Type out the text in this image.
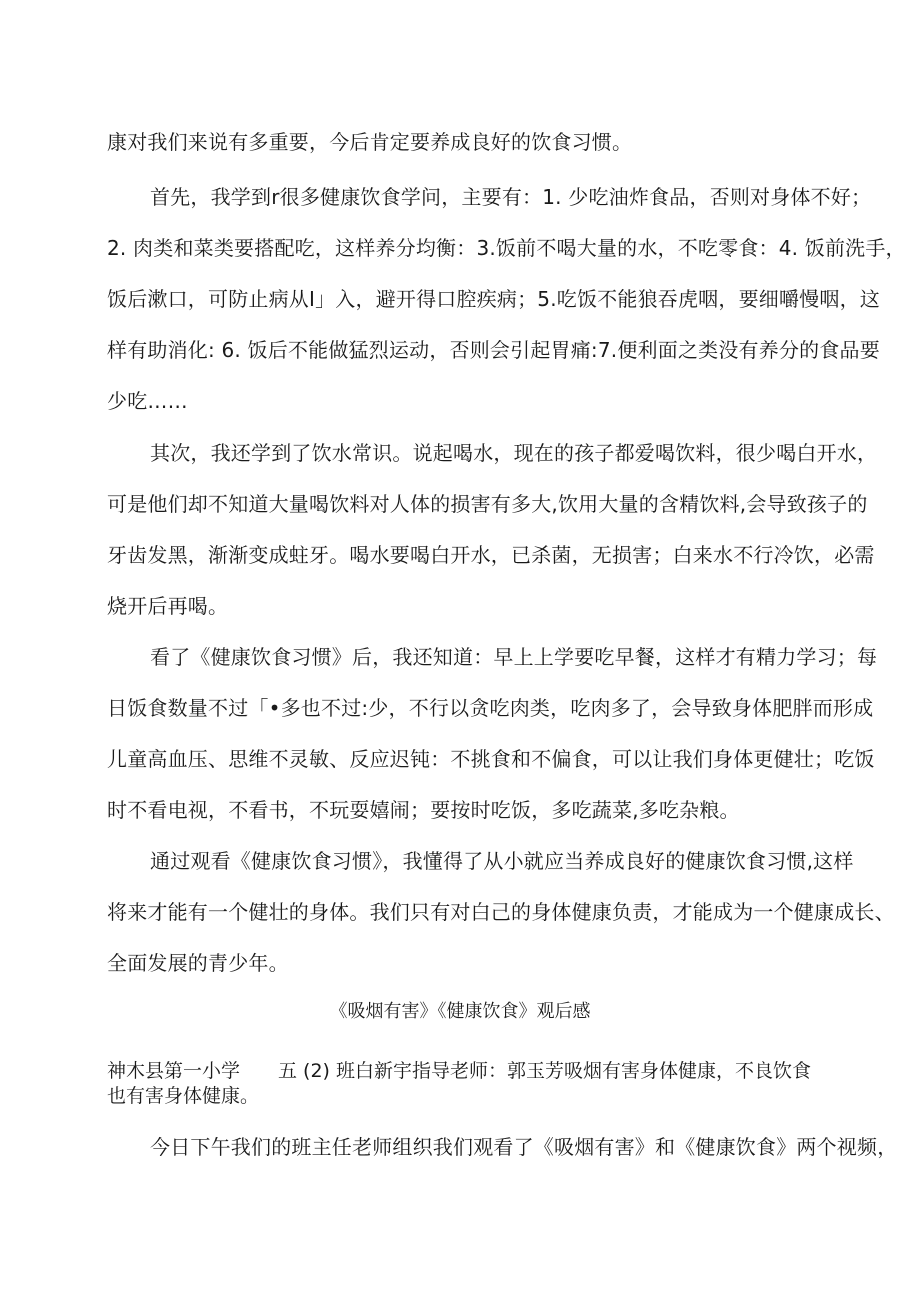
康对我们来说有多重要，今后肯定要养成良好的饮食习惯。
首先，我学到r很多健康饮食学问，主要有：1. 少吃油炸食品，否则对身体不好；
2. 肉类和菜类要搭配吃，这样养分均衡：3.饭前不喝大量的水，不吃零食：4. 饭前洗手，
饭后漱口，可防止病从I」入，避开得口腔疾病；5.吃饭不能狼吞虎咽，要细嚼慢咽，这
样有助消化: 6. 饭后不能做猛烈运动，否则会引起胃痛:7.便利面之类没有养分的食品要
少吃……
其次，我还学到了饮水常识。说起喝水，现在的孩子都爱喝饮料，很少喝白开水，
可是他们却不知道大量喝饮料对人体的损害有多大,饮用大量的含精饮料,会导致孩子的
牙齿发黑，渐渐变成蛀牙。喝水要喝白开水，已杀菌，无损害；白来水不行冷饮，必需
烧开后再喝。
看了《健康饮食习惯》后，我还知道：早上上学要吃早餐，这样才有精力学习；每
日饭食数量不过「•多也不过:少，不行以贪吃肉类，吃肉多了，会导致身体肥胖而形成
儿童高血压、思维不灵敏、反应迟钝：不挑食和不偏食，可以让我们身体更健壮；吃饭
时不看电视，不看书，不玩耍嬉闹；要按时吃饭，多吃蔬菜,多吃杂粮。
通过观看《健康饮食习惯》，我懂得了从小就应当养成良好的健康饮食习惯,这样
将来才能有一个健壮的身体。我们只有对白己的身体健康负责，才能成为一个健康成长、
全面发展的青少年。
《吸烟有害》《健康饮食》观后感
神木县第一小学　　五 (2) 班白新宇指导老师：郭玉芳吸烟有害身体健康，不良饮食
也有害身体健康。
今日下午我们的班主任老师组织我们观看了《吸烟有害》和《健康饮食》两个视频，
